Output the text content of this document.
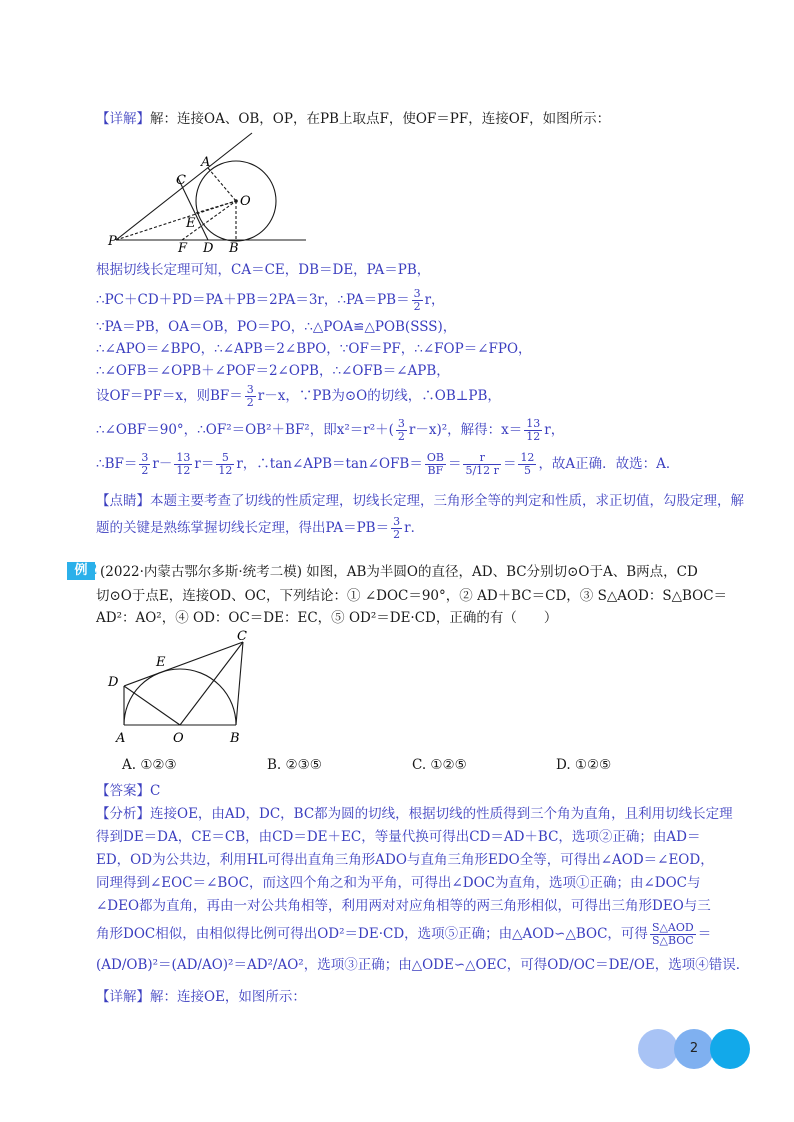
【详解】解：连接OA、OB，OP，在PB上取点F，使OF＝PF，连接OF，如图所示：
A
C
O
E
P	F D B
根据切线长定理可知，CA＝CE，DB＝DE，PA＝PB，
∴PC＋CD＋PD＝PA＋PB＝2PA＝3r，∴PA＝PB＝ $\frac{3}{2}$ r，
∵PA＝PB，OA＝OB，PO＝PO，∴△POA≌△POB(SSS)，
∴∠APO＝∠BPO，∴∠APB＝2∠BPO，∵OF＝PF，∴∠FOP＝∠FPO，
∴∠OFB＝∠OPB＋∠POF＝2∠OPB，∴∠OFB＝∠APB，
设OF＝PF＝x，则$BF= \frac{3}{2} r-x$，∵PB为⊙O的切线，∴OB⊥PB，
∴∠OBF＝90°，∴OF²＝OB²＋BF²，即$x^2=r^2+( \frac{3}{2} r-x)^2$，解得：$x= \frac{13}{12}$ r，
∴BF＝ $\frac{3}{2} r- \frac{13}{12} r= \frac{5}{12}$ r，∴tan∠APB＝tan∠OFB＝ $\frac{OB}{BF} = \frac{r}{5/12 r} = \frac{12}{5}$ ，故A正确．故选：A．
【点睛】本题主要考查了切线的性质定理，切线长定理，三角形全等的判定和性质，求正切值，勾股定理，解
题的关键是熟练掌握切线长定理，得出$PA=PB= \frac{3}{2}$ r．
例 2 (2022·内蒙古鄂尔多斯·统考二模) 如图，AB为半圆O的直径，AD、BC分别切⊙O于A、B两点，CD
切⊙O于点E，连接OD、OC，下列结论：① ∠DOC＝90°，② AD＋BC＝CD，③ S△AOD：S△BOC＝
AD²：AO²，④ OD：OC＝DE：EC，⑤ OD²＝DE·CD，正确的有（　　）
C
E
D
A	O	B
A. ①②③	B. ②③⑤	C. ①②⑤	D. ①②⑤
【答案】C
【分析】连接OE，由AD，DC，BC都为圆的切线，根据切线的性质得到三个角为直角，且利用切线长定理
得到DE＝DA，CE＝CB，由CD＝DE＋EC，等量代换可得出CD＝AD＋BC，选项②正确；由AD＝
ED，OD为公共边，利用HL可得出直角三角形ADO与直角三角形EDO全等，可得出∠AOD＝∠EOD，
同理得到∠EOC＝∠BOC，而这四个角之和为平角，可得出∠DOC为直角，选项①正确；由∠DOC与
∠DEO都为直角，再由一对公共角相等，利用两对对应角相等的两三角形相似，可得出三角形DEO与三
角形DOC相似，由相似得比例可得出OD²＝DE·CD，选项⑤正确；由△AOD∽△BOC，可得 $\frac{\text{S△AOD}}{\text{S△BOC}}$ ＝
(AD/OB)²＝(AD/AO)²＝AD²/AO²，选项③正确；由△ODE∽△OEC，可得OD/OC＝DE/OE，选项④错误．
【详解】解：连接OE，如图所示：
2
